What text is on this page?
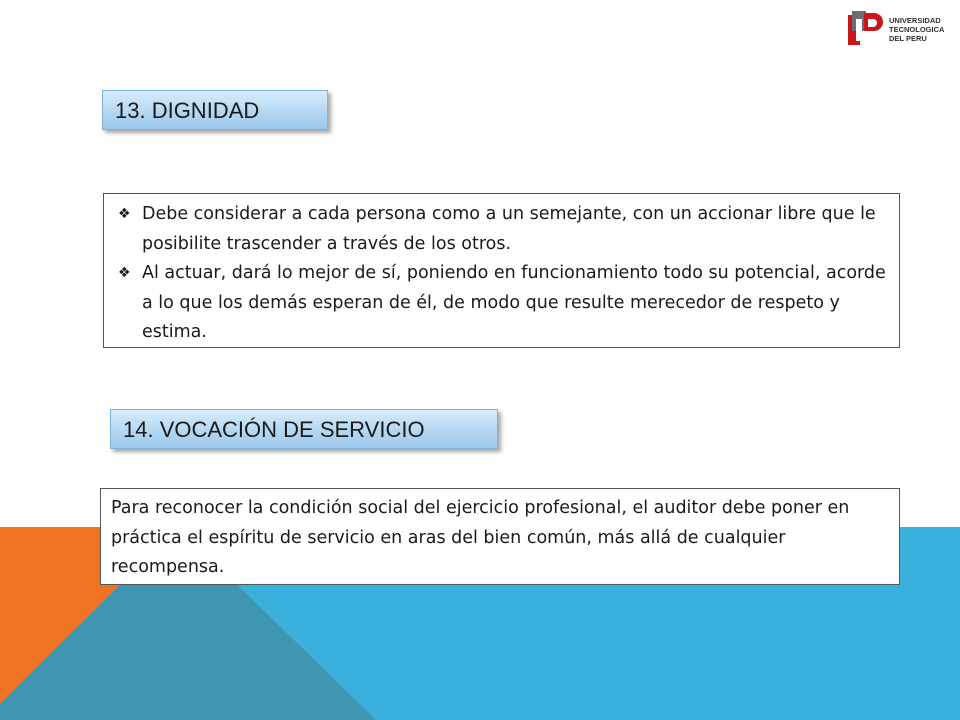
UNIVERSIDAD
TECNOLOGICA
DEL PERU
13. DIGNIDAD
❖ Debe considerar a cada persona como a un semejante, con un accionar libre que le posibilite trascender a través de los otros.
❖ Al actuar, dará lo mejor de sí, poniendo en funcionamiento todo su potencial, acorde a lo que los demás esperan de él, de modo que resulte merecedor de respeto y estima.
14. VOCACIÓN DE SERVICIO
Para reconocer la condición social del ejercicio profesional, el auditor debe poner en práctica el espíritu de servicio en aras del bien común, más allá de cualquier recompensa.
